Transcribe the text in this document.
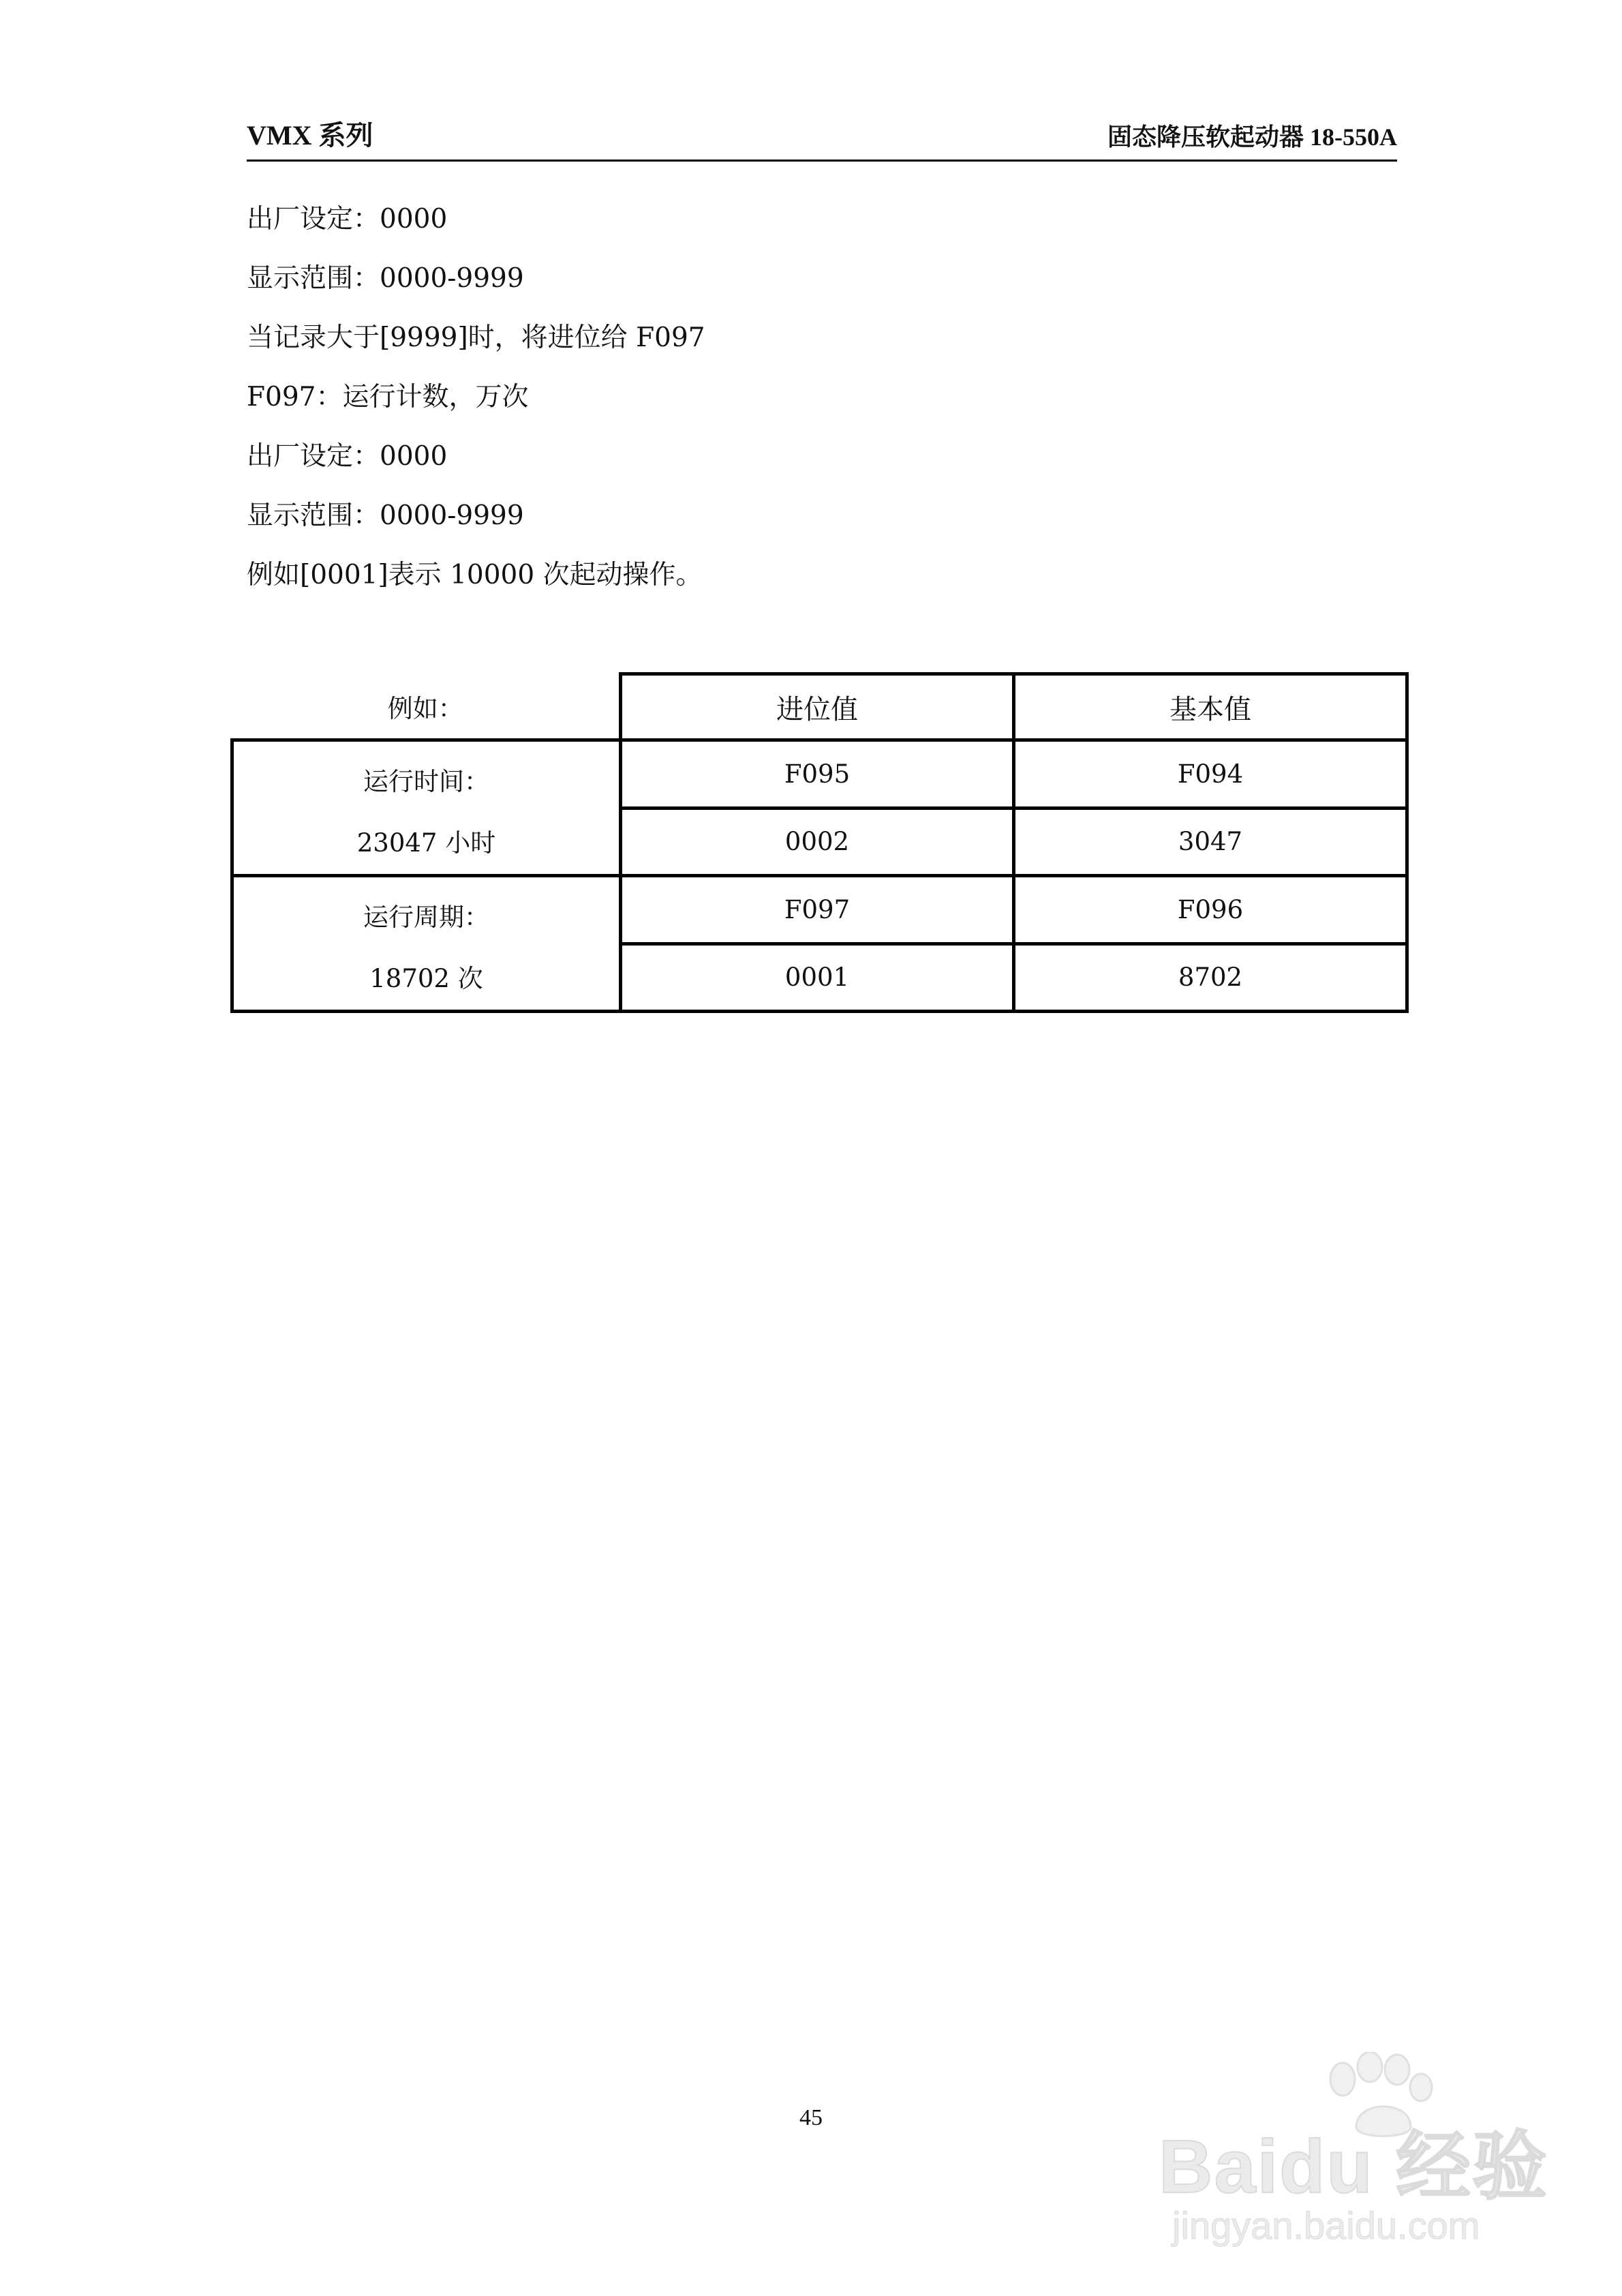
VMX 系列	固态降压软起动器 18-550A
出厂设定：0000
显示范围：0000-9999
当记录大于[9999]时，将进位给 F097
F097：运行计数，万次
出厂设定：0000
显示范围：0000-9999
例如[0001]表示 10000 次起动操作。
例如：	进位值	基本值

运行时间：
23047 小时	F095	F094
	0002	3047

运行周期：
18702 次	F097	F096
	0001	8702
45
Baidu 经验
jingyan.baidu.com
